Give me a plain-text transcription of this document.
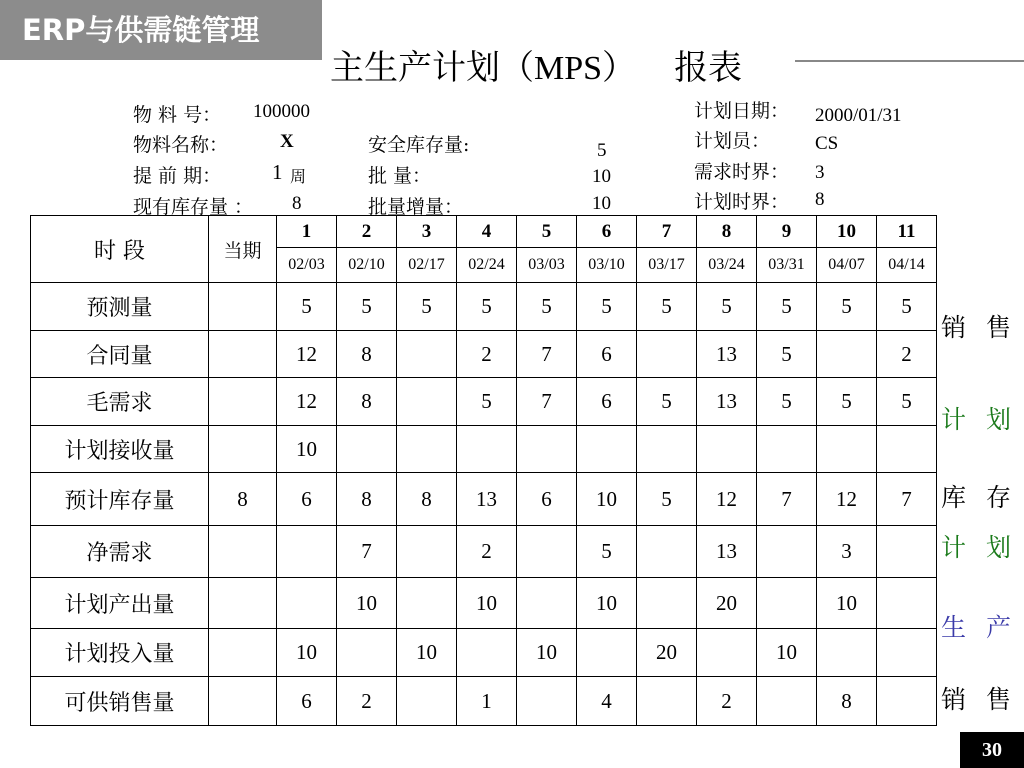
ERP与供需链管理
主生产计划（MPS） 报表
物 料 号： 100000
物料名称：	X
提 前 期： 1 周
现有库存量 ： 8
安全库存量:	5
批 量：	10
批量增量：	10
计划日期： 2000/01/31
计划员： CS
需求时界： 3
计划时界： 8
时 段	当期	1	2	3	4	5	6	7	8	9	10	11
		02/03	02/10	02/17	02/24	03/03	03/10	03/17	03/24	03/31	04/07	04/14
预测量		5	5	5	5	5	5	5	5	5	5	5
合同量		12	8		2	7	6		13	5		2
毛需求		12	8		5	7	6	5	13	5	5	5
计划接收量		10										
预计库存量	8	6	8	8	13	6	10	5	12	7	12	7
净需求			7		2		5		13		3	
计划产出量			10		10		10		20		10	
计划投入量		10		10		10		20		10		
可供销售量		6	2		1		4		2		8	
销 售
计 划
库 存
计 划
生 产
销 售
30
